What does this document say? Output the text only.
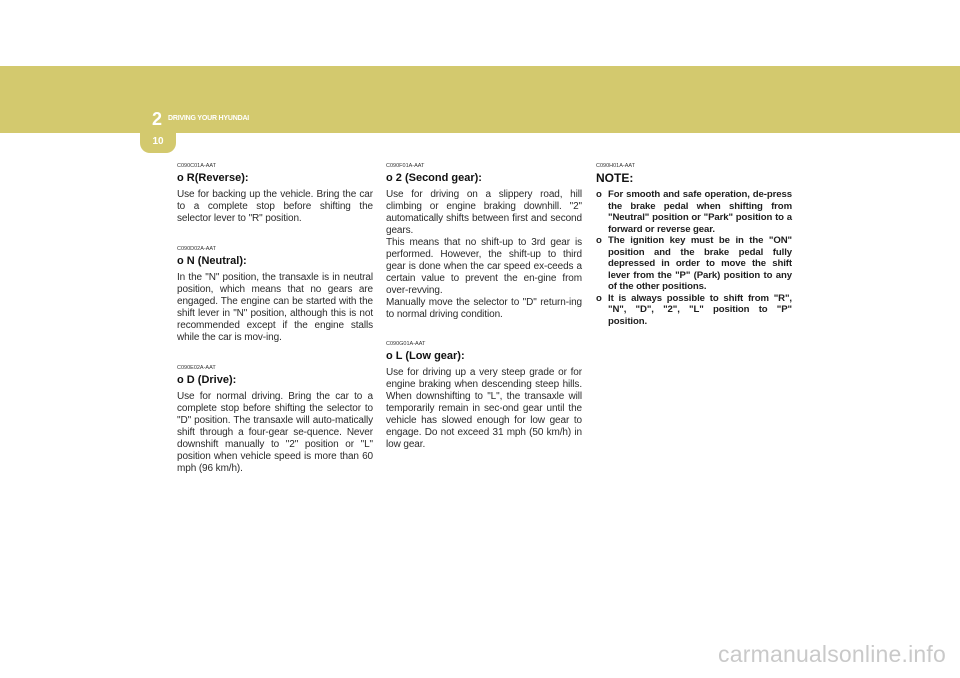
10
2 DRIVING YOUR HYUNDAI

C090C01A-AAT

o R(Reverse):

Use for backing up the vehicle. Bring the car to a complete stop before shifting the selector lever to "R" position.

C090D02A-AAT

o N (Neutral):

In the "N" position, the transaxle is in neutral position, which means that no gears are engaged. The engine can be started with the shift lever in "N" position, although this is not recommended except if the engine stalls while the car is mov-ing.

C090E02A-AAT

o D (Drive):

Use for normal driving. Bring the car to a complete stop before shifting the selector to "D" position. The transaxle will auto-matically shift through a four-gear se-quence. Never downshift manually to "2" position or "L" position when vehicle speed is more than 60 mph (96 km/h).

C090F01A-AAT

o 2 (Second gear):

Use for driving on a slippery road, hill climbing or engine braking downhill. "2" automatically shifts between first and second gears.

This means that no shift-up to 3rd gear is performed. However, the shift-up to third gear is done when the car speed ex-ceeds a certain value to prevent the en-gine from over-revving.

Manually move the selector to "D" return-ing to normal driving condition.

C090G01A-AAT

o L (Low gear):

Use for driving up a very steep grade or for engine braking when descending steep hills. When downshifting to "L", the transaxle will temporarily remain in sec-ond gear until the vehicle has slowed enough for low gear to engage. Do not exceed 31 mph (50 km/h) in low gear.

C090H01A-AAT

NOTE:

o For smooth and safe operation, de-press the brake pedal when shifting from "Neutral" position or "Park" position to a forward or reverse gear.
o The ignition key must be in the "ON" position and the brake pedal fully depressed in order to move the shift lever from the "P" (Park) position to any of the other positions.
o It is always possible to shift from "R", "N", "D", "2", "L" position to "P" position.
carmanualsonline.info
